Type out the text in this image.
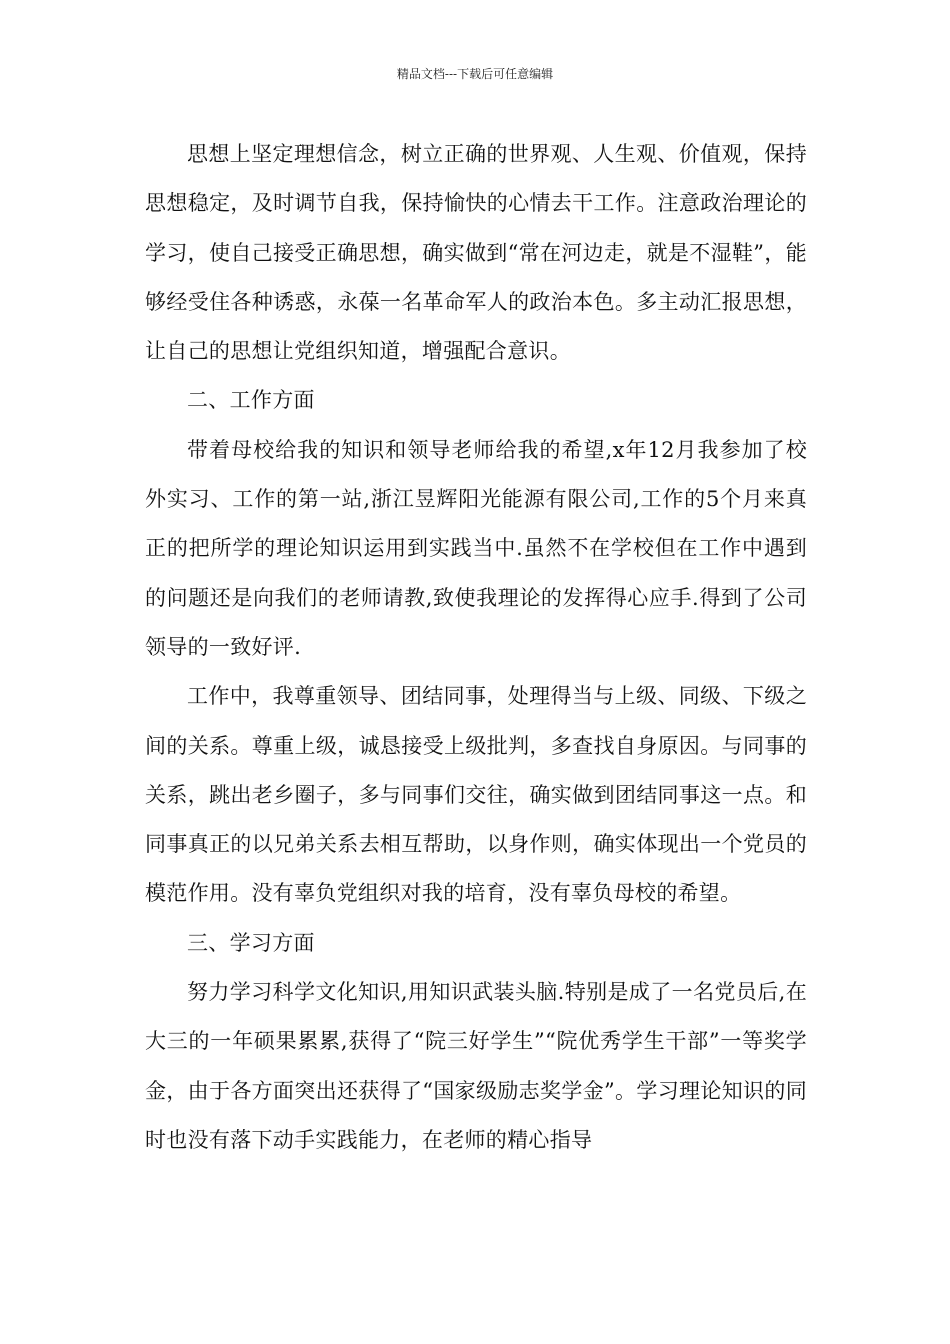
精品文档---下载后可任意编辑

思想上坚定理想信念，树立正确的世界观、人生观、价值观，保持思想稳定，及时调节自我，保持愉快的心情去干工作。注意政治理论的学习，使自己接受正确思想，确实做到“常在河边走，就是不湿鞋”，能够经受住各种诱惑，永葆一名革命军人的政治本色。多主动汇报思想，让自己的思想让党组织知道，增强配合意识。

二、工作方面

带着母校给我的知识和领导老师给我的希望,x年12月我参加了校外实习、工作的第一站,浙江昱辉阳光能源有限公司,工作的5个月来真正的把所学的理论知识运用到实践当中.虽然不在学校但在工作中遇到的问题还是向我们的老师请教,致使我理论的发挥得心应手.得到了公司领导的一致好评.

工作中，我尊重领导、团结同事，处理得当与上级、同级、下级之间的关系。尊重上级，诚恳接受上级批判，多查找自身原因。与同事的关系，跳出老乡圈子，多与同事们交往，确实做到团结同事这一点。和同事真正的以兄弟关系去相互帮助，以身作则，确实体现出一个党员的模范作用。没有辜负党组织对我的培育，没有辜负母校的希望。

三、学习方面

努力学习科学文化知识,用知识武装头脑.特别是成了一名党员后,在大三的一年硕果累累,获得了“院三好学生”“院优秀学生干部”一等奖学金，由于各方面突出还获得了“国家级励志奖学金”。学习理论知识的同时也没有落下动手实践能力，在老师的精心指导
